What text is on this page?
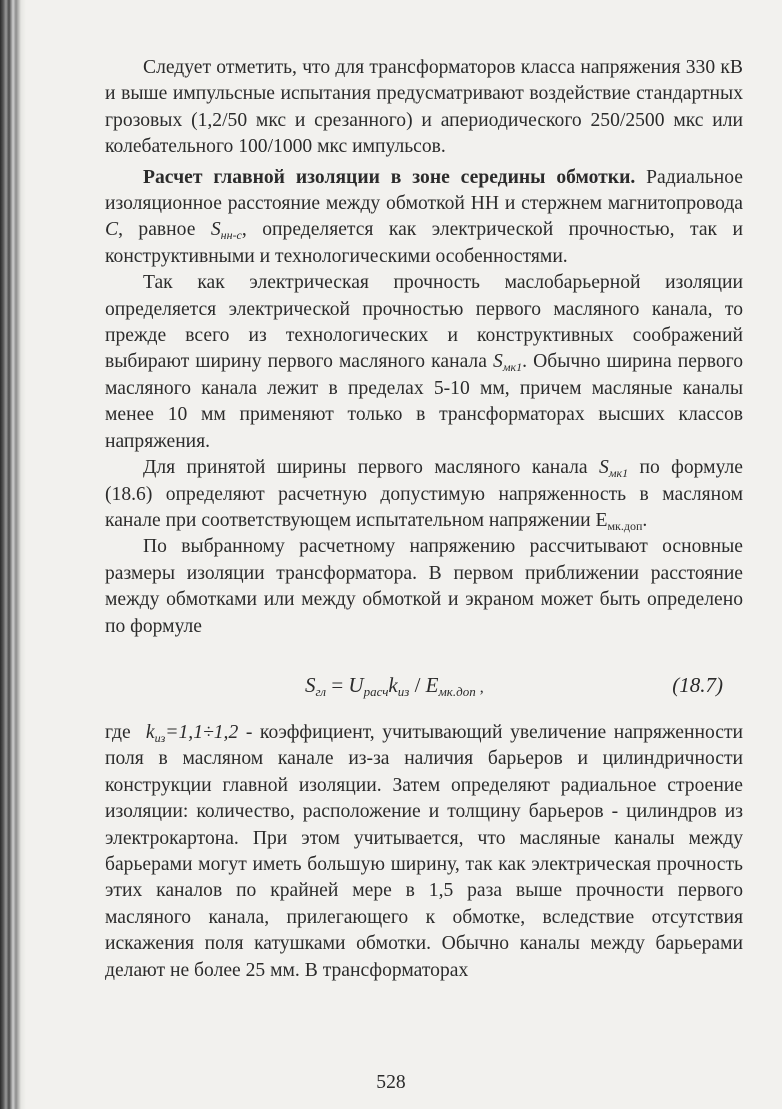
Следует отметить, что для трансформаторов класса напряжения 330 кВ и выше импульсные испытания предусматривают воздействие стандартных грозовых (1,2/50 мкс и срезанного) и апериодического 250/2500 мкс или колебательного 100/1000 мкс импульсов.

Расчет главной изоляции в зоне середины обмотки. Радиальное изоляционное расстояние между обмоткой НН и стержнем магнитопровода С, равное $S_{нн-с}$, определяется как электрической прочностью, так и конструктивными и технологическими особенностями.

Так как электрическая прочность маслобарьерной изоляции определяется электрической прочностью первого масляного канала, то прежде всего из технологических и конструктивных соображений выбирают ширину первого масляного канала $S_{мк1}$. Обычно ширина первого масляного канала лежит в пределах 5-10 мм, причем масляные каналы менее 10 мм применяют только в трансформаторах высших классов напряжения.

Для принятой ширины первого масляного канала $S_{мк1}$ по формуле (18.6) определяют расчетную допустимую напряженность в масляном канале при соответствующем испытательном напряжении $Е_{мк.доп}$.

По выбранному расчетному напряжению рассчитывают основные размеры изоляции трансформатора. В первом приближении расстояние между обмотками или между обмоткой и экраном может быть определено по формуле

$S_{гл} = U_{расч}k_{из} / E_{мк.доп}$ ,	(18.7)

где  $k_{из}=1,1\div 1,2$ - коэффициент, учитывающий увеличение напряженности поля в масляном канале из-за наличия барьеров и цилиндричности конструкции главной изоляции. Затем определяют радиальное строение изоляции: количество, расположение и толщину барьеров - цилиндров из электрокартона. При этом учитывается, что масляные каналы между барьерами могут иметь большую ширину, так как электрическая прочность этих каналов по крайней мере в 1,5 раза выше прочности первого масляного канала, прилегающего к обмотке, вследствие отсутствия искажения поля катушками обмотки. Обычно каналы между барьерами делают не более 25 мм. В трансформаторах

528
